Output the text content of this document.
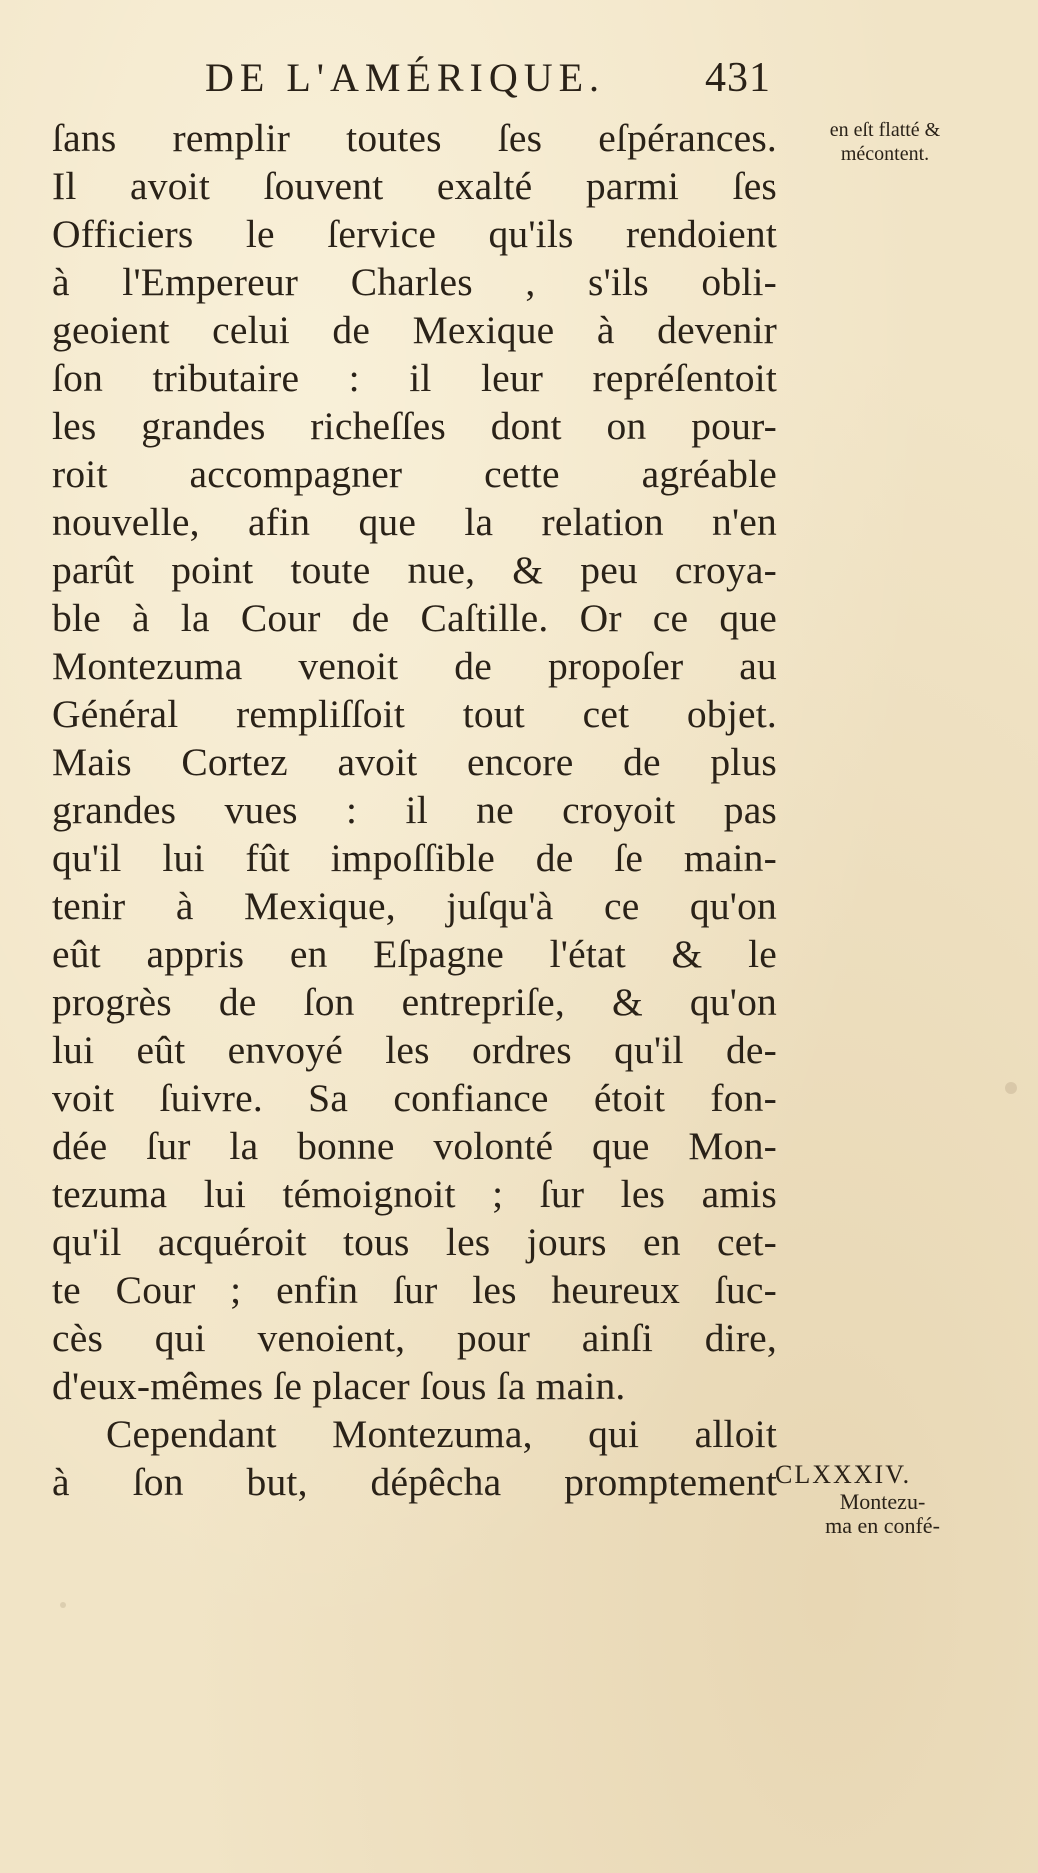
DE L'AMÉRIQUE. 431
ſans remplir toutes ſes eſpérances.
Il avoit ſouvent exalté parmi ſes
Officiers le ſervice qu'ils rendoient
à l'Empereur Charles , s'ils obli-
geoient celui de Mexique à devenir
ſon tributaire : il leur repréſentoit
les grandes richeſſes dont on pour-
roit accompagner cette agréable
nouvelle, afin que la relation n'en
parût point toute nue, & peu croya-
ble à la Cour de Caſtille. Or ce que
Montezuma venoit de propoſer au
Général rempliſſoit tout cet objet.
Mais Cortez avoit encore de plus
grandes vues : il ne croyoit pas
qu'il lui fût impoſſible de ſe main-
tenir à Mexique, juſqu'à ce qu'on
eût appris en Eſpagne l'état & le
progrès de ſon entrepriſe, & qu'on
lui eût envoyé les ordres qu'il de-
voit ſuivre. Sa confiance étoit fon-
dée ſur la bonne volonté que Mon-
tezuma lui témoignoit ; ſur les amis
qu'il acquéroit tous les jours en cet-
te Cour ; enfin ſur les heureux ſuc-
cès qui venoient, pour ainſi dire,
d'eux-mêmes ſe placer ſous ſa main.
Cependant Montezuma, qui alloit
à ſon but, dépêcha promptement
en eſt flatté &
mécontent.
CLXXXIV.
Montezu-
ma en confé-
